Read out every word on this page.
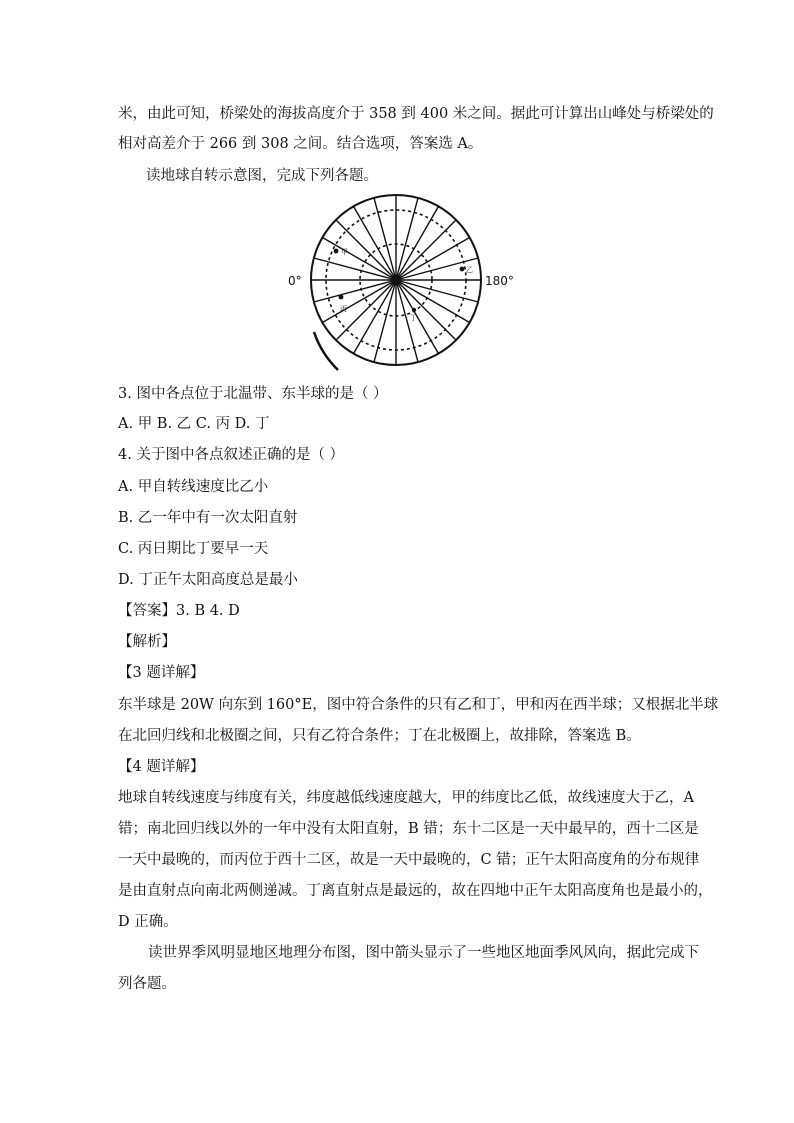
米，由此可知，桥梁处的海拔高度介于 358 到 400 米之间。据此可计算出山峰处与桥梁处的
相对高差介于 266 到 308 之间。结合选项，答案选 A。
读地球自转示意图，完成下列各题。
0°	180°
甲
丙
乙
丁
3. 图中各点位于北温带、东半球的是（ ）
A. 甲 B. 乙 C. 丙 D. 丁
4. 关于图中各点叙述正确的是（ ）
A. 甲自转线速度比乙小
B. 乙一年中有一次太阳直射
C. 丙日期比丁要早一天
D. 丁正午太阳高度总是最小
【答案】3. B 4. D
【解析】
【3 题详解】
东半球是 20W 向东到 160°E，图中符合条件的只有乙和丁，甲和丙在西半球；又根据北半球
在北回归线和北极圈之间，只有乙符合条件；丁在北极圈上，故排除，答案选 B。
【4 题详解】
地球自转线速度与纬度有关，纬度越低线速度越大，甲的纬度比乙低，故线速度大于乙，A
错；南北回归线以外的一年中没有太阳直射，B 错；东十二区是一天中最早的，西十二区是
一天中最晚的，而丙位于西十二区，故是一天中最晚的，C 错；正午太阳高度角的分布规律
是由直射点向南北两侧递减。丁离直射点是最远的，故在四地中正午太阳高度角也是最小的，
D 正确。
读世界季风明显地区地理分布图，图中箭头显示了一些地区地面季风风向，据此完成下
列各题。
